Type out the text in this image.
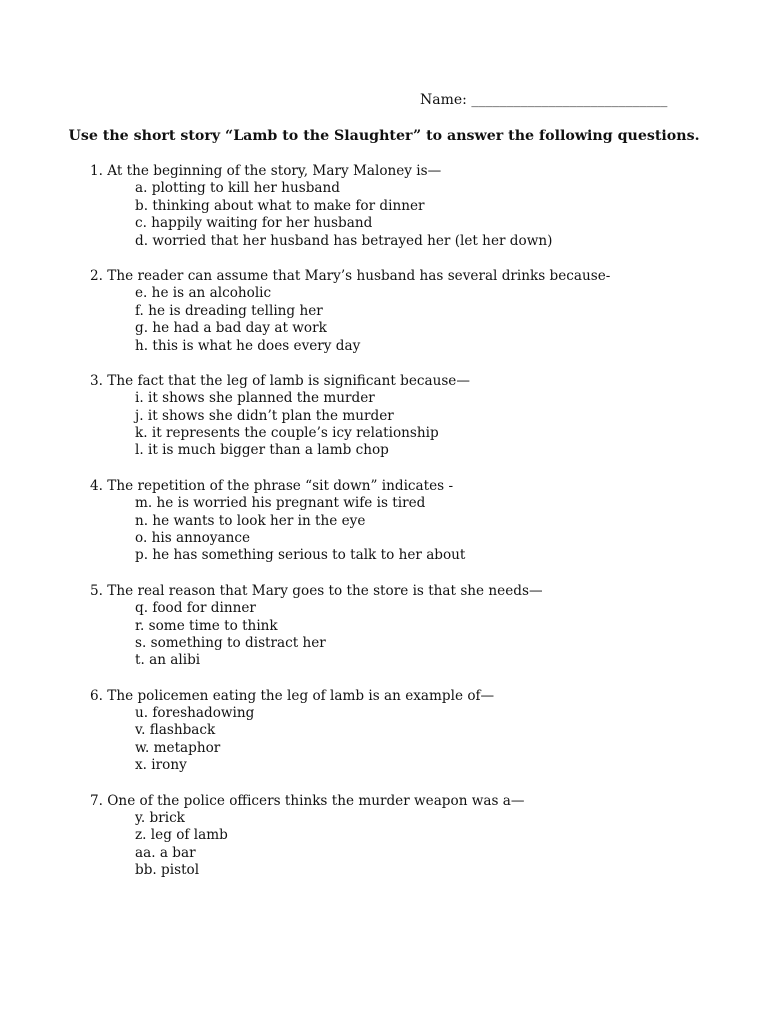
Name: ____________________________
Use the short story “Lamb to the Slaughter” to answer the following questions.
1. At the beginning of the story, Mary Maloney is—
a. plotting to kill her husband
b. thinking about what to make for dinner
c. happily waiting for her husband
d. worried that her husband has betrayed her (let her down)
2. The reader can assume that Mary’s husband has several drinks because-
e. he is an alcoholic
f. he is dreading telling her
g. he had a bad day at work
h. this is what he does every day
3. The fact that the leg of lamb is significant because—
i. it shows she planned the murder
j. it shows she didn’t plan the murder
k. it represents the couple’s icy relationship
l. it is much bigger than a lamb chop
4. The repetition of the phrase “sit down” indicates -
m. he is worried his pregnant wife is tired
n. he wants to look her in the eye
o. his annoyance
p. he has something serious to talk to her about
5. The real reason that Mary goes to the store is that she needs—
q. food for dinner
r. some time to think
s. something to distract her
t. an alibi
6. The policemen eating the leg of lamb is an example of—
u. foreshadowing
v. flashback
w. metaphor
x. irony
7. One of the police officers thinks the murder weapon was a—
y. brick
z. leg of lamb
aa. a bar
bb. pistol
